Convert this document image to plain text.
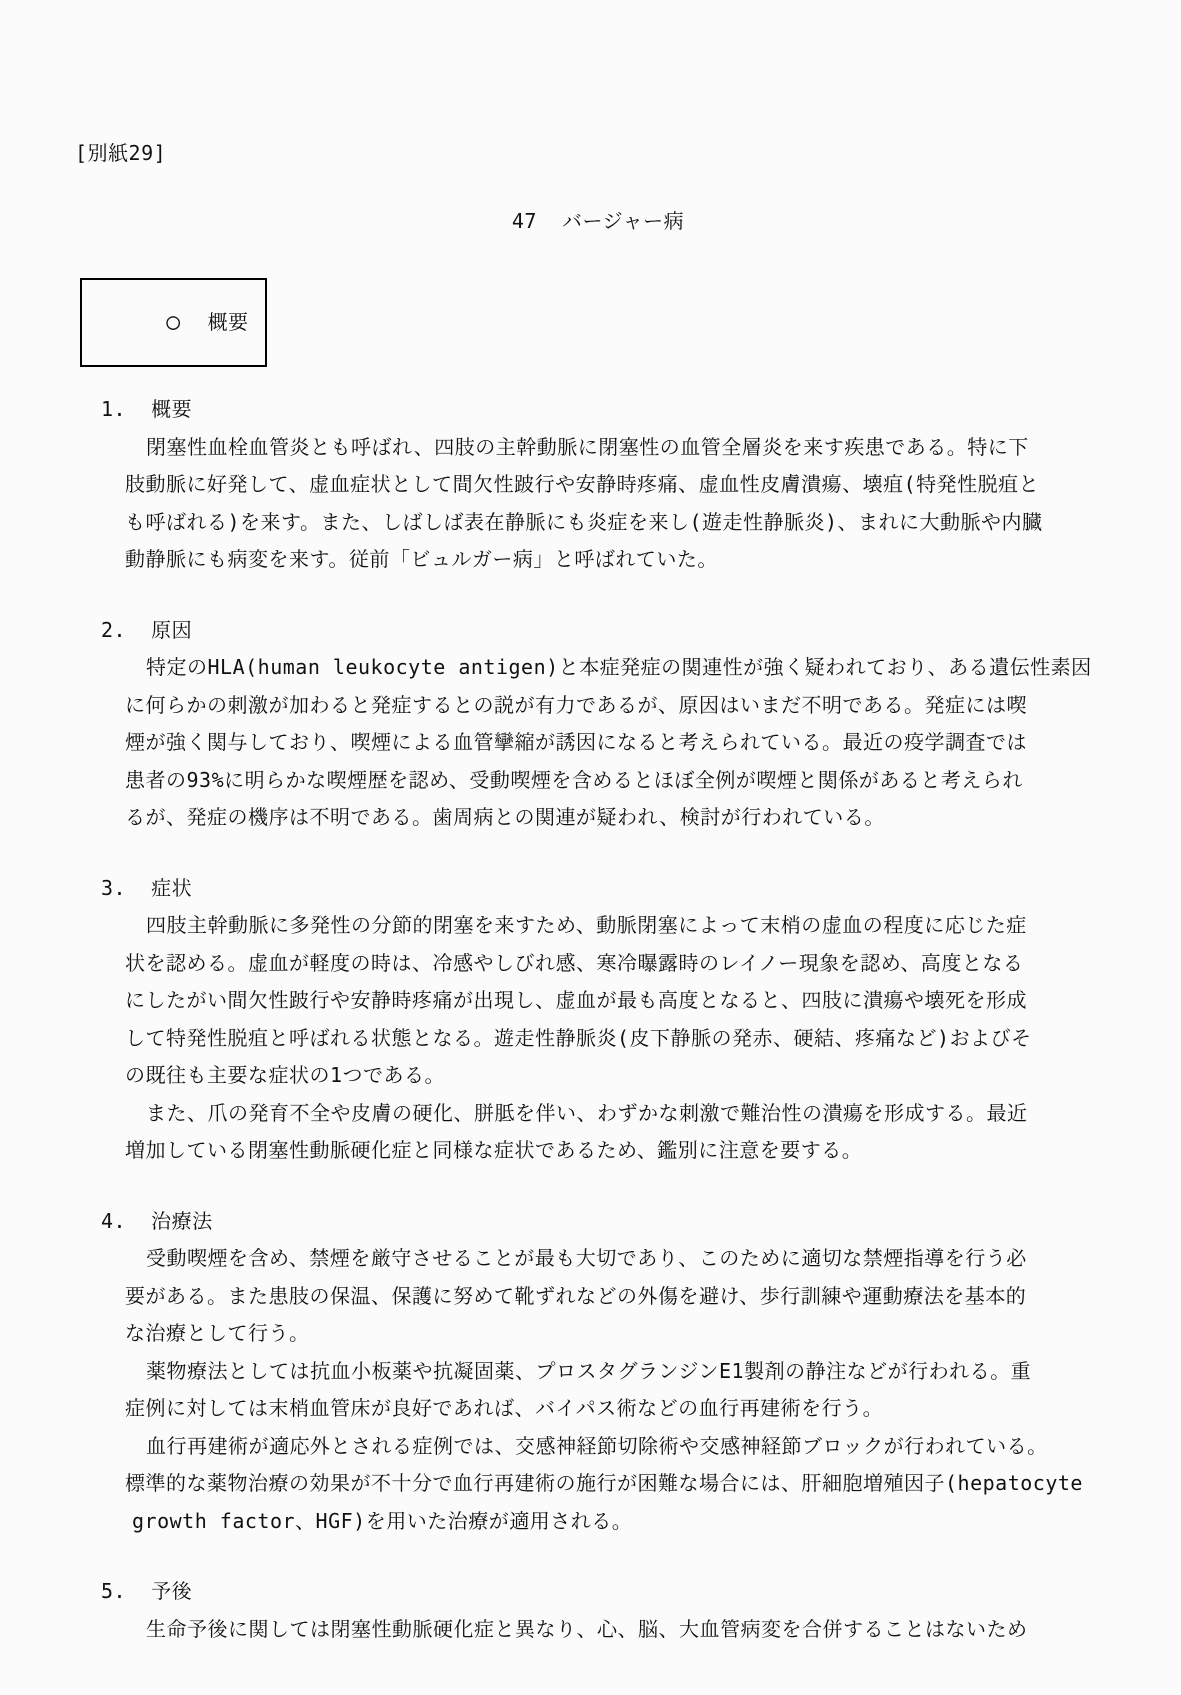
[別紙29]
47  バージャー病

○ 概要

1.  概要
閉塞性血栓血管炎とも呼ばれ、四肢の主幹動脈に閉塞性の血管全層炎を来す疾患である。特に下
肢動脈に好発して、虚血症状として間欠性跛行や安静時疼痛、虚血性皮膚潰瘍、壊疽(特発性脱疽と
も呼ばれる)を来す。また、しばしば表在静脈にも炎症を来し(遊走性静脈炎)、まれに大動脈や内臓
動静脈にも病変を来す。従前「ビュルガー病」と呼ばれていた。
2.  原因
特定のHLA(human leukocyte antigen)と本症発症の関連性が強く疑われており、ある遺伝性素因
に何らかの刺激が加わると発症するとの説が有力であるが、原因はいまだ不明である。発症には喫
煙が強く関与しており、喫煙による血管攣縮が誘因になると考えられている。最近の疫学調査では
患者の93%に明らかな喫煙歴を認め、受動喫煙を含めるとほぼ全例が喫煙と関係があると考えられ
るが、発症の機序は不明である。歯周病との関連が疑われ、検討が行われている。
3.  症状
四肢主幹動脈に多発性の分節的閉塞を来すため、動脈閉塞によって末梢の虚血の程度に応じた症
状を認める。虚血が軽度の時は、冷感やしびれ感、寒冷曝露時のレイノー現象を認め、高度となる
にしたがい間欠性跛行や安静時疼痛が出現し、虚血が最も高度となると、四肢に潰瘍や壊死を形成
して特発性脱疽と呼ばれる状態となる。遊走性静脈炎(皮下静脈の発赤、硬結、疼痛など)およびそ
の既往も主要な症状の1つである。
また、爪の発育不全や皮膚の硬化、胼胝を伴い、わずかな刺激で難治性の潰瘍を形成する。最近
増加している閉塞性動脈硬化症と同様な症状であるため、鑑別に注意を要する。
4.  治療法
受動喫煙を含め、禁煙を厳守させることが最も大切であり、このために適切な禁煙指導を行う必
要がある。また患肢の保温、保護に努めて靴ずれなどの外傷を避け、歩行訓練や運動療法を基本的
な治療として行う。
薬物療法としては抗血小板薬や抗凝固薬、プロスタグランジンE1製剤の静注などが行われる。重
症例に対しては末梢血管床が良好であれば、バイパス術などの血行再建術を行う。
血行再建術が適応外とされる症例では、交感神経節切除術や交感神経節ブロックが行われている。
標準的な薬物治療の効果が不十分で血行再建術の施行が困難な場合には、肝細胞増殖因子(hepatocyte
growth factor、HGF)を用いた治療が適用される。
5.  予後
生命予後に関しては閉塞性動脈硬化症と異なり、心、脳、大血管病変を合併することはないため
